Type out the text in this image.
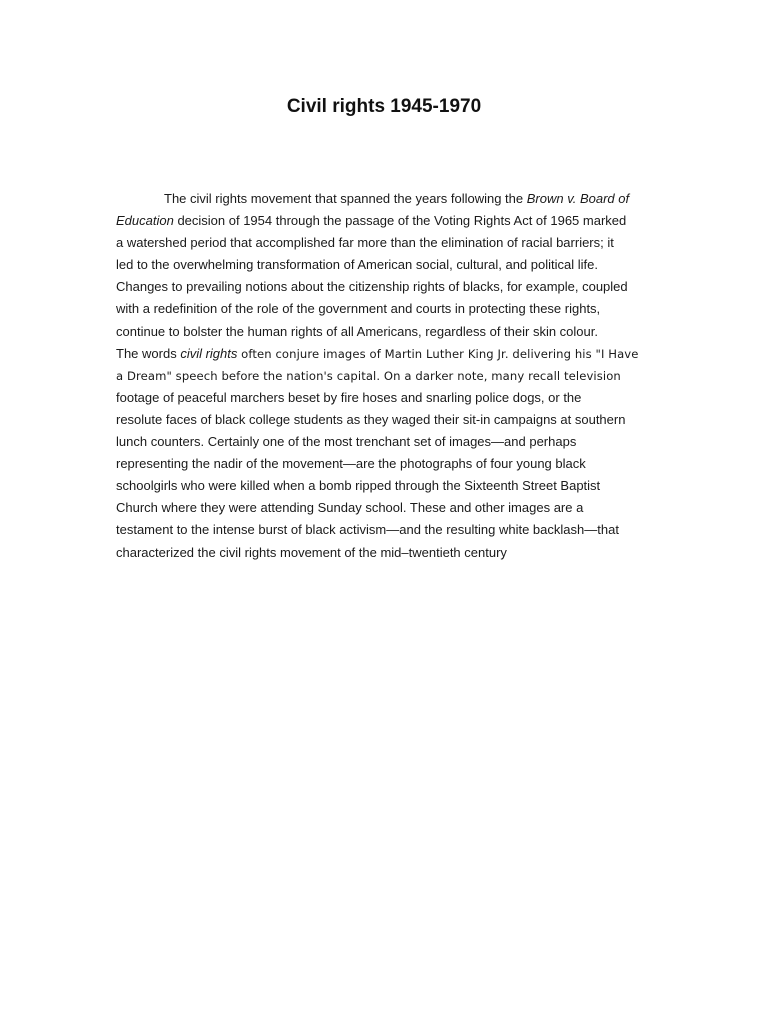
Civil rights 1945-1970
The civil rights movement that spanned the years following the Brown v. Board of
Education decision of 1954 through the passage of the Voting Rights Act of 1965 marked
a watershed period that accomplished far more than the elimination of racial barriers; it
led to the overwhelming transformation of American social, cultural, and political life.
Changes to prevailing notions about the citizenship rights of blacks, for example, coupled
with a redefinition of the role of the government and courts in protecting these rights,
continue to bolster the human rights of all Americans, regardless of their skin colour.
The words civil rights often conjure images of Martin Luther King Jr. delivering his "I Have
a Dream" speech before the nation's capital. On a darker note, many recall television
footage of peaceful marchers beset by fire hoses and snarling police dogs, or the
resolute faces of black college students as they waged their sit-in campaigns at southern
lunch counters. Certainly one of the most trenchant set of images—and perhaps
representing the nadir of the movement—are the photographs of four young black
schoolgirls who were killed when a bomb ripped through the Sixteenth Street Baptist
Church where they were attending Sunday school. These and other images are a
testament to the intense burst of black activism—and the resulting white backlash—that
characterized the civil rights movement of the mid–twentieth century
